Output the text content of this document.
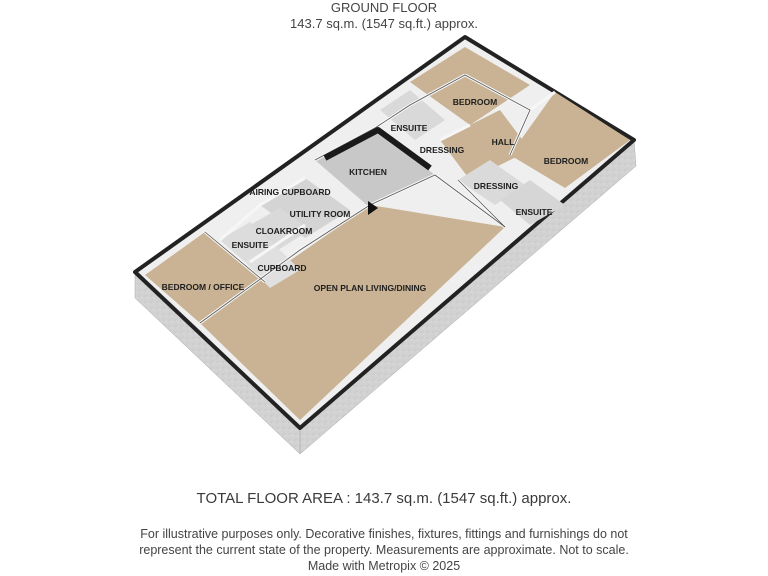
GROUND FLOOR
143.7 sq.m. (1547 sq.ft.) approx.
BEDROOM
ENSUITE
DRESSING
HALL
BEDROOM
DRESSING
ENSUITE
KITCHEN
AIRING CUPBOARD
UTILITY ROOM
CLOAKROOM
ENSUITE
CUPBOARD
BEDROOM / OFFICE	OPEN PLAN LIVING/DINING
TOTAL FLOOR AREA : 143.7 sq.m. (1547 sq.ft.) approx.
For illustrative purposes only. Decorative finishes, fixtures, fittings and furnishings do not
represent the current state of the property. Measurements are approximate. Not to scale.
Made with Metropix © 2025
